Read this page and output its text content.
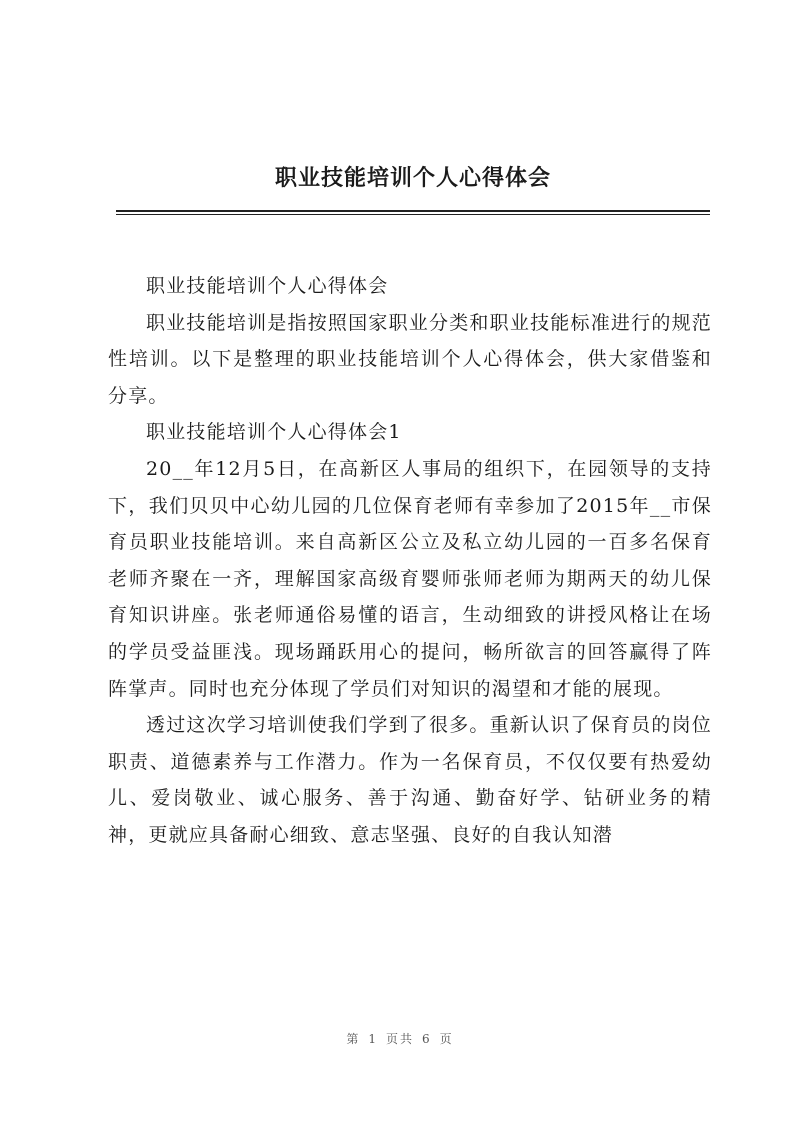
职业技能培训个人心得体会

职业技能培训个人心得体会

职业技能培训是指按照国家职业分类和职业技能标准进行的规范性培训。以下是整理的职业技能培训个人心得体会，供大家借鉴和分享。

职业技能培训个人心得体会1

20__年12月5日，在高新区人事局的组织下，在园领导的支持下，我们贝贝中心幼儿园的几位保育老师有幸参加了2015年__市保育员职业技能培训。来自高新区公立及私立幼儿园的一百多名保育老师齐聚在一齐，理解国家高级育婴师张师老师为期两天的幼儿保育知识讲座。张老师通俗易懂的语言，生动细致的讲授风格让在场的学员受益匪浅。现场踊跃用心的提问，畅所欲言的回答赢得了阵阵掌声。同时也充分体现了学员们对知识的渴望和才能的展现。

透过这次学习培训使我们学到了很多。重新认识了保育员的岗位职责、道德素养与工作潜力。作为一名保育员，不仅仅要有热爱幼儿、爱岗敬业、诚心服务、善于沟通、勤奋好学、钻研业务的精神，更就应具备耐心细致、意志坚强、良好的自我认知潜

第 1 页共 6 页
